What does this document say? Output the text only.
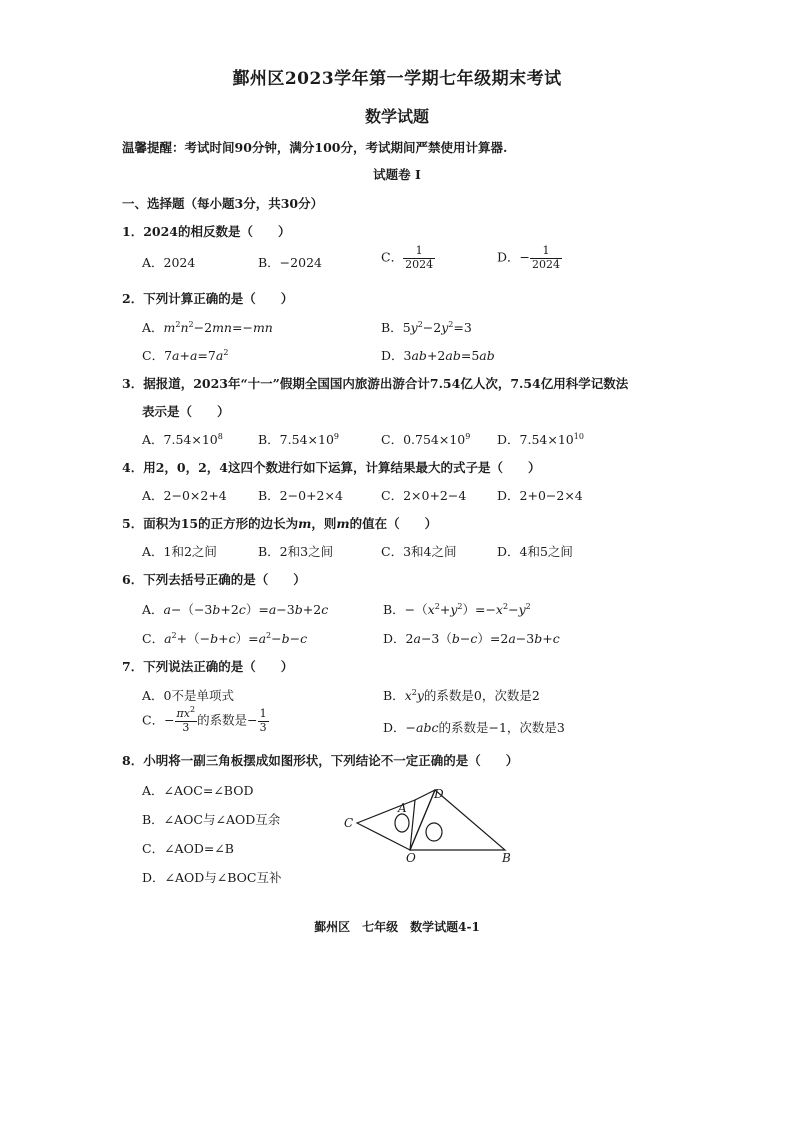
鄞州区2023学年第一学期七年级期末考试
数学试题
温馨提醒：考试时间90分钟，满分100分，考试期间严禁使用计算器.
试题卷 I
一、选择题（每小题3分，共30分）
1．2024的相反数是（　　）
A．2024	B．−2024	C． $\frac{1}{2024}$	D．− $\frac{1}{2024}$
2．下列计算正确的是（　　）
A．$m^2n^2-2mn=-mn$	B．$5y^2-2y^2=3$
C．$7a+a=7a^2$	D．3ab+2ab=5ab
3．据报道，2023年“十一”假期全国国内旅游出游合计7.54亿人次，7.54亿用科学记数法
表示是（　　）
A．$7.54\times 10^8$	B．$7.54\times 10^9$	C．$0.754\times 10^9$ D．$7.54\times 10^{10}$
4．用2，0，2，4这四个数进行如下运算，计算结果最大的式子是（　　）
A．2−0×2+4 B．2−0+2×4	C．2×0+2−4 D．2+0−2×4
5．面积为15的正方形的边长为m，则m的值在（　　）
A．1和2之间	B．2和3之间	C．3和4之间	D．4和5之间
6．下列去括号正确的是（　　）
A．a−（−3b+2c）=a−3b+2c	B．$-(x^2+y^2)=-x^2-y^2$
C．$a^2+(-b+c)=a^2-b-c$	D．2a−3（b−c）=2a−3b+c
7．下列说法正确的是（　　）
A．0不是单项式	B．$x^2y$的系数是0，次数是2
C．− $\frac{\pi x^2}{3}$ 的系数是− $\frac{1}{3}$	D．−abc的系数是−1，次数是3
8．小明将一副三角板摆成如图形状，下列结论不一定正确的是（　　）
A．∠AOC=∠BOD
B．∠AOC与∠AOD互余
C．∠AOD=∠B
D．∠AOD与∠BOC互补
C
A
D
O	B
鄞州区　七年级　数学试题4-1
